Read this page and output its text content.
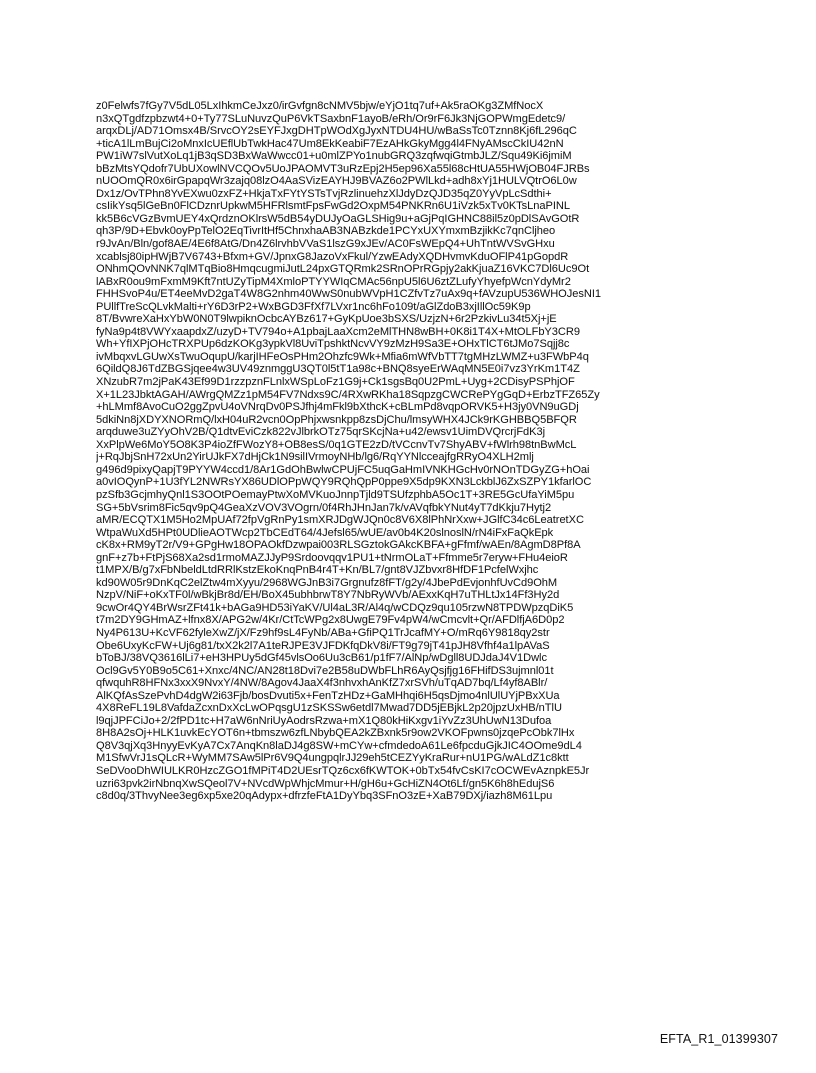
z0Felwfs7fGy7V5dL05LxIhkmCeJxz0/irGvfgn8cNMV5bjw/eYjO1tq7uf+Ak5raOKg3ZMfNocX
n3xQTgdfzpbzwt4+0+Ty77SLuNuvzQuP6VkTSaxbnF1ayoB/eRh/Or9rF6Jk3NjGOPWmgEdetc9/
arqxDLj/AD71Omsx4B/SrvcOY2sEYFJxgDHTpWOdXgJyxNTDU4HU/wBaSsTc0Tznn8Kj6fL296qC
+ticA1lLmBujCi2oMnxIcUEflUbTwkHac47Um8EkKeabiF7EzAHkGkyMgg4l4FNyAMscCkIU42nN
PW1iW7slVutXoLq1jB3qSD3BxWaWwcc01+u0mlZPYo1nubGRQ3zqfwqiGtmbJLZ/Squ49Ki6jmiM
bBzMtsYQdofr7UbUXowlNVCQOv5UoJPAOMVT3uRzEpj2H5ep96Xa55l68cHtUA55HWjOB04FJRBs
nUOOmQR0x6irGpapqWr3zajq08lzO4AaSVizEAYHJ9BVAZ6o2PWlLkd+adh8xYj1HULVQtrO6L0w
Dx1z/OvTPhn8YvEXwu0zxFZ+HkjaTxFYtYSTsTvjRzlinuehzXlJdyDzQJD35qZ0YyVpLcSdthi+
csIikYsq5lGeBn0FlCDznrUpkwM5HFRlsmtFpsFwGd2OxpM54PNKRn6U1iVzk5xTv0KTsLnaPINL
kk5B6cVGzBvmUEY4xQrdznOKlrsW5dB54yDUJyOaGLSHig9u+aGjPqIGHNC88il5z0pDlSAvGOtR
qh3P/9D+Ebvk0oyPpTelO2EqTivrItHf5ChnxhaAB3NABzkde1PCYxUXYmxmBzjikKc7qnCljheo
r9JvAn/Bln/gof8AE/4E6f8AtG/Dn4Z6lrvhbVVaS1lszG9xJEv/AC0FsWEpQ4+UhTntWVSvGHxu
xcablsj80ipHWjB7V6743+Bfxm+GV/JpnxG8JazoVxFkul/YzwEAdyXQDHvmvKduOFlP41pGopdR
ONhmQOvNNK7qlMTqBio8HmqcugmiJutL24pxGTQRmk2SRnOPrRGpjy2akKjuaZ16VKC7Dl6Uc9Ot
lABxR0ou9mFxmM9Kft7ntUZyTipM4XmloPTYYWIqCMAc56npU5l6U6ztZLufyYhyefpWcnYdyMr2
FHHSvoP4u/ET4eeMvD2gaT4W8G2nhm40WwS0nubWVpH1CZfvTz7uAx9q+fAVzupU536WHOJesNI1
PUllfTreScQLvkMalti+rY6D3rP2+WxBGD3FfXf7LVxr1nc6hFo109t/aGlZdoB3xjIllOc59K9p
8T/BvwreXaHxYbW0N0T9lwpiknOcbcAYBz617+GyKpUoe3bSXS/UzjzN+6r2PzkivLu34t5Xj+jE
fyNa9p4t8VWYxaapdxZ/uzyD+TV794o+A1pbajLaaXcm2eMlTHN8wBH+0K8i1T4X+MtOLFbY3CR9
Wh+YfIXPjOHcTRXPUp6dzKOKg3ypkVl8UviTpshktNcvVY9zMzH9Sa3E+OHxTlCT6tJMo7Sqjj8c
ivMbqxvLGUwXsTwuOqupU/karjIHFeOsPHm2Ohzfc9Wk+Mfia6mWfVbTT7tgMHzLWMZ+u3FWbP4q
6QildQ8J6TdZBGSjqee4w3UV49znmggU3QT0l5tT1a98c+BNQ8syeErWAqMN5E0i7vz3YrKm1T4Z
XNzubR7m2jPaK43Ef99D1rzzpznFLnlxWSpLoFz1G9j+Ck1sgsBq0U2PmL+Uyg+2CDisyPSPhjOF
X+1L23JbktAGAH/AWrgQMZz1pM54FV7Ndxs9C/4RXwRKha18SqpzgCWCRePYgGqD+ErbzTFZ65Zy
+hLMmf8AvoCuO2ggZpvU4oVNrqDv0PSJfhj4mFkl9bXthcK+cBLmPd8vqpORVK5+H3jy0VN9uGDj
5dkiNn8jXDYXNORmQ/lxH04uR2vcn0OpPhjxwsnkpp8zsDjChu/lmsyWHX4JCk9rKGHBBQ5BFQR
arqduwe3uZYyOhV2B/Q1dtvEviCzk822vJlbrkOTz75qrSKcjNa+u42/ewsv1UimDVQrcrjFdK3j
XxPlpWe6MoY5O8K3P4ioZfFWozY8+OB8esS/0q1GTE2zD/tVCcnvTv7ShyABV+fWlrh98tnBwMcL
j+RqJbjSnH72xUn2YirUJkFX7dHjCk1N9silIVrmoyNHb/lg6/RqYYNlcceajfgRRyO4XLH2mlj
g496d9pixyQapjT9PYYW4ccd1/8Ar1GdOhBwlwCPUjFC5uqGaHmIVNKHGcHv0rNOnTDGyZG+hOai
a0vIOQynP+1U3fYL2NWRsYX86UDlOPpWQY9RQhQpP0ppe9X5dp9KXN3LckblJ6ZxSZPY1kfarlOC
pzSfb3GcjmhyQnl1S3OOtPOemayPtwXoMVKuoJnnpTjld9TSUfzphbA5Oc1T+3RE5GcUfaYiM5pu
SG+5bVsrim8Fic5qv9pQ4GeaXzVOV3VOgrn/0f4RhJHnJan7k/vAVqfbkYNut4yT7dKkju7Hytj2
aMR/ECQTX1M5Ho2MpUAf72fpVgRnPy1smXRJDgWJQn0c8V6X8lPhNrXxw+JGlfC34c6LeatretXC
WtpaWuXd5HPt0UDlieAOTWcp2TbCEdT64/4Jefsl65/wUE/av0b4K20slnoslN/rN4iFxFaQkEpk
cK8x+RM9yT2r/V9+GPgHw18OPAOkfDzwpai003RLSGztokGAkcKBFA+gFfmf/wAEn/8AgmD8Pf8A
gnF+z7b+FtPjS68Xa2sd1rmoMAZJJyP9Srdoovqqv1PU1+tNrmOLaT+Ffmme5r7eryw+FHu4eioR
t1MPX/B/g7xFbNbeldLtdRRlKstzEkoKnqPnB4r4T+Kn/BL7/gnt8VJZbvxr8HfDF1PcfelWxjhc
kd90W05r9DnKqC2elZtw4mXyyu/2968WGJnB3i7Grgnufz8fFT/g2y/4JbePdEvjonhfUvCd9OhM
NzpV/NiF+oKxTF0l/wBkjBr8d/EH/BoX45ubhbrwT8Y7NbRyWVb/AExxKqH7uTHLtJx14Ff3Hy2d
9cwOr4QY4BrWsrZFt41k+bAGa9HD53iYaKV/Ul4aL3R/Al4q/wCDQz9qu105rzwN8TPDWpzqDiK5
t7m2DY9GHmAZ+lfnx8X/APG2w/4Kr/CtTcWPg2x8UwgE79Fv4pW4/wCmcvlt+Qr/AFDlfjA6D0p2
Ny4P613U+KcVF62fyleXwZ/jX/Fz9hf9sL4FyNb/ABa+GfiPQ1TrJcafMY+O/mRq6Y9818qy2str
Obe6UxyKcFW+Uj6g81/txX2k2l7A1teRJPE3VJFDKfqDkV8i/FT9g79jT41pJH8Vfhf4a1lpAVaS
bToBJ/38VQ3616lLi7+eH3HPUy5dGf45vlsOo6Uu3cB61/p1fF7/AlNp/wDgll8UDJdaJ4V1Dwlc
Ocl9Gv5Y0B9o5C61+Xnxc/4NC/AN28t18Dvi7e2B58uDWbFLhR6AyQsjfjg16FHifDS3ujmnl01t
qfwquhR8HFNx3xxX9NvxY/4NW/8Agov4JaaX4f3nhvxhAnKfZ7xrSVh/uTqAD7bq/Lf4yf8ABlr/
AlKQfAsSzePvhD4dgW2i63Fjb/bosDvuti5x+FenTzHDz+GaMHhqi6H5qsDjmo4nlUlUYjPBxXUa
4X8ReFL19L8VafdaZcxnDxXcLwOPqsgU1zSKSSw6etdl7Mwad7DD5jEBjkL2p20jpzUxHB/nTlU
l9qjJPFCiJo+2/2fPD1tc+H7aW6nNriUyAodrsRzwa+mX1Q80kHiKxgv1iYvZz3UhUwN13Dufoa
8H8A2sOj+HLK1uvkEcYOT6n+tbmszw6zfLNbybQEA2kZBxnk5r9ow2VKOFpwns0jzqePcObk7lHx
Q8V3qjXq3HnyyEvKyA7Cx7AnqKn8laDJ4g8SW+mCYw+cfmdedoA61Le6fpcduGjkJIC4OOme9dL4
M1SfwVrJ1sQLcR+WyMM7SAw5lPr6V9Q4ungpqlrJJ29eh5tCEZYyKraRur+nU1PG/wALdZ1c8ktt
SeDVooDhWIULKR0HzcZGO1fMPiT4D2UEsrTQz6cx6fKWTOK+0bTx54fvCsKI7cOCWEvAznpkE5Jr
uzri63pvk2irNbnqXwSQeol7V+NVcdWpWhjcMmur+H/gH6u+GcHiZN4Ot6Lf/gn5K6h8hEdujS6
c8d0q/3ThvyNee3eg6xp5xe20qAdypx+dfrzfeFtA1DyYbq3SFnO3zE+XaB79DXj/iazh8M61Lpu
EFTA_R1_01399307
